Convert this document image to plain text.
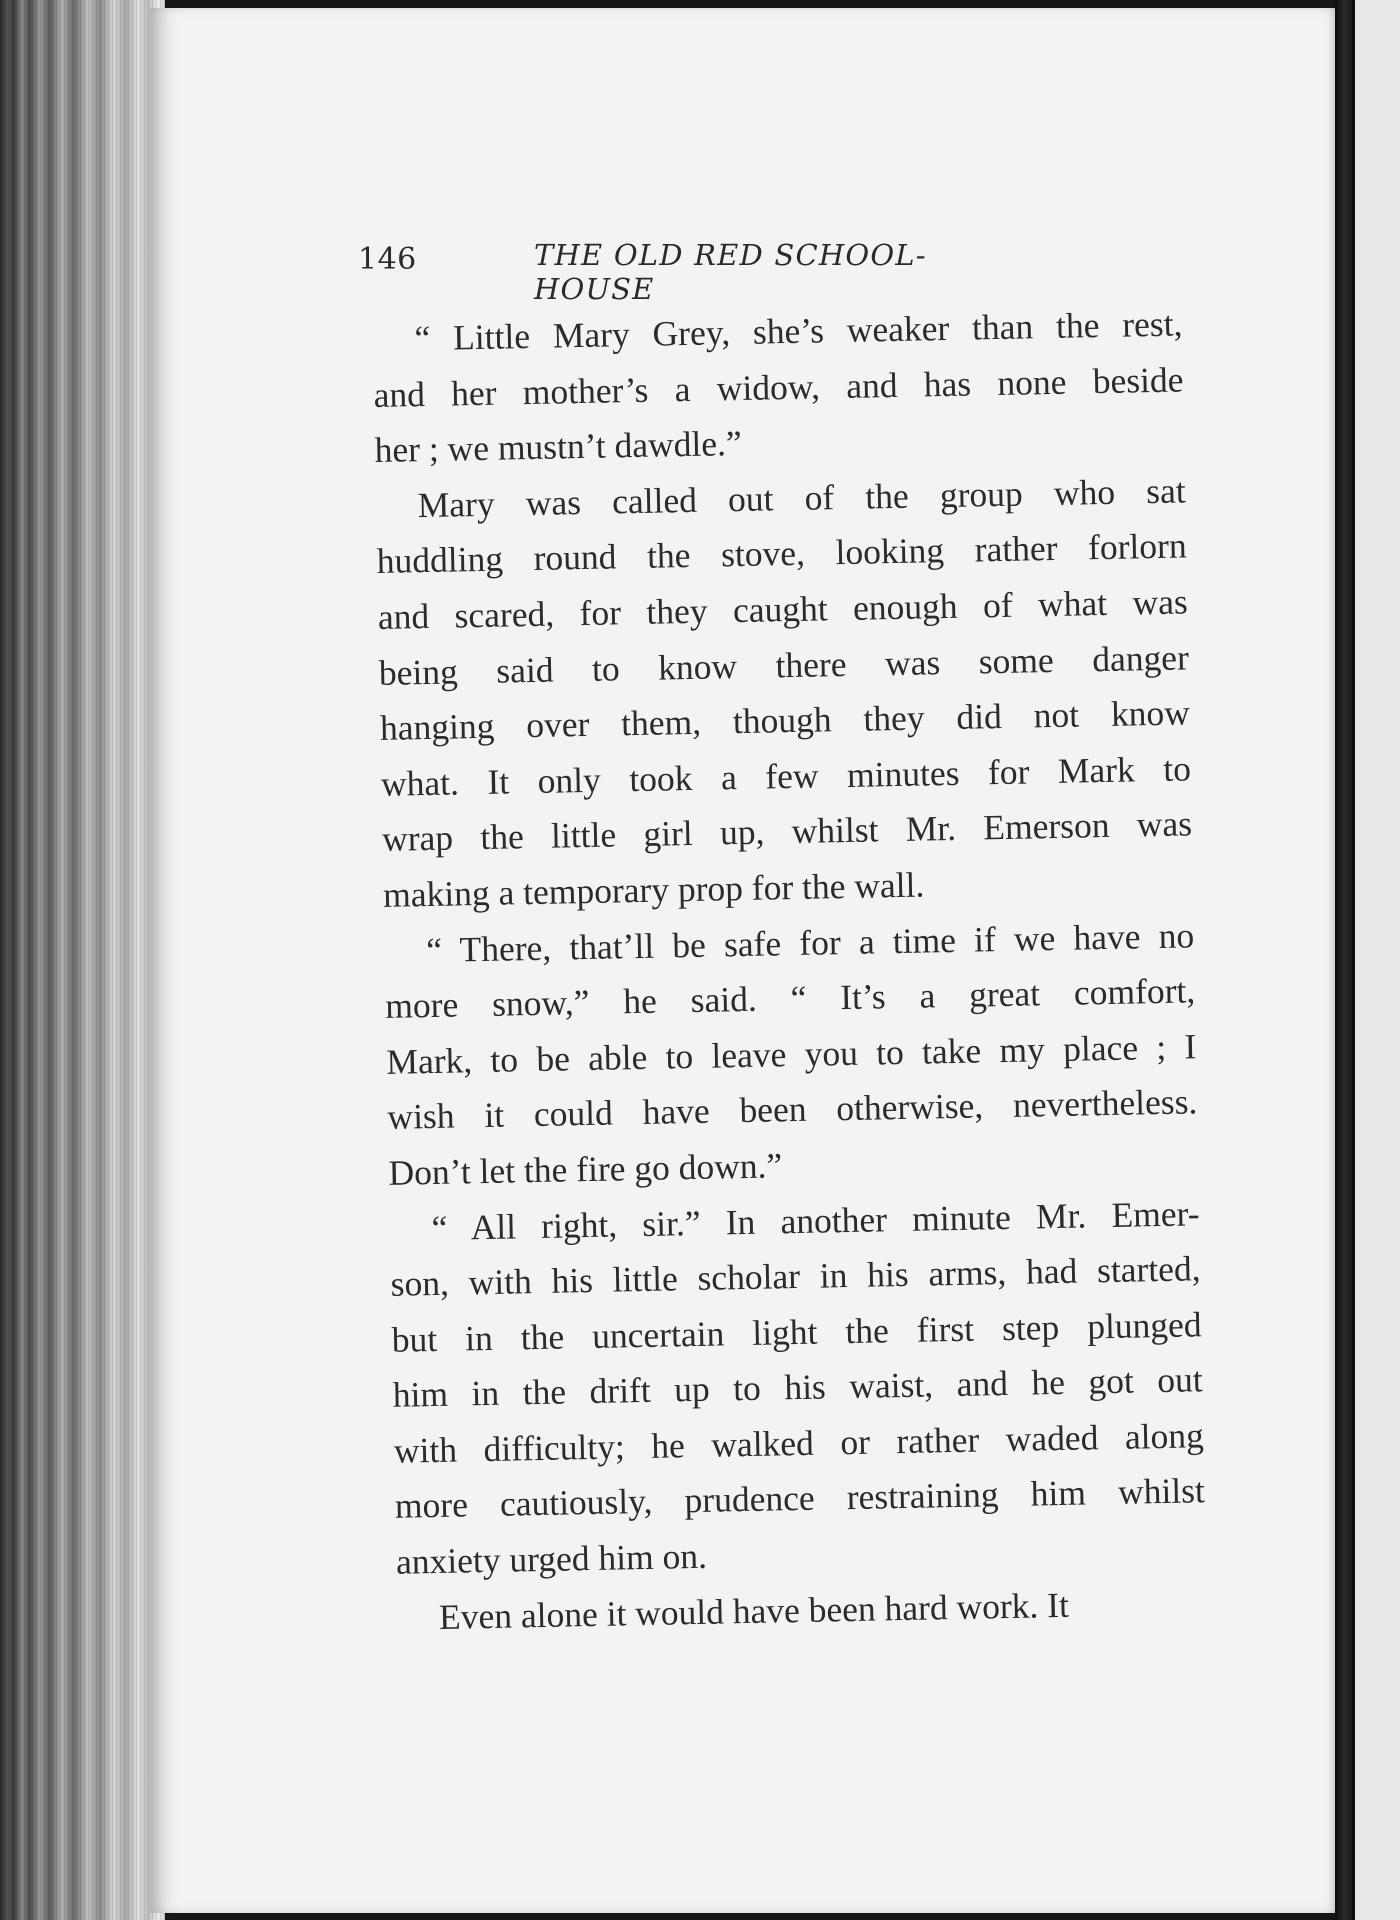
146	THE OLD RED SCHOOL-HOUSE
“ Little Mary Grey, she’s weaker than the rest,
and her mother’s a widow, and has none beside
her ; we mustn’t dawdle.”
Mary was called out of the group who sat
huddling round the stove, looking rather forlorn
and scared, for they caught enough of what was
being said to know there was some danger
hanging over them, though they did not know
what. It only took a few minutes for Mark to
wrap the little girl up, whilst Mr. Emerson was
making a temporary prop for the wall.
“ There, that’ll be safe for a time if we have no
more snow,” he said. “ It’s a great comfort,
Mark, to be able to leave you to take my place ; I
wish it could have been otherwise, nevertheless.
Don’t let the fire go down.”
“ All right, sir.” In another minute Mr. Emer-
son, with his little scholar in his arms, had started,
but in the uncertain light the first step plunged
him in the drift up to his waist, and he got out
with difficulty; he walked or rather waded along
more cautiously, prudence restraining him whilst
anxiety urged him on.
Even alone it would have been hard work. It
